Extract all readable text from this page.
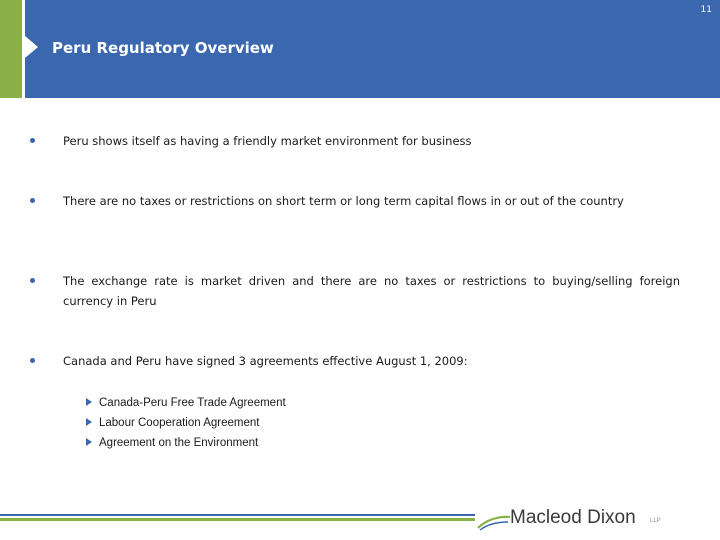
11
Peru Regulatory Overview
Peru shows itself as having a friendly market environment for business
There are no taxes or restrictions on short term or long term capital flows in or out of the country
The exchange rate is market driven and there are no taxes or restrictions to buying/selling foreign currency in Peru
Canada and Peru have signed 3 agreements effective August 1, 2009:
Canada-Peru Free Trade Agreement
Labour Cooperation Agreement
Agreement on the Environment
Macleod Dixon LLP
